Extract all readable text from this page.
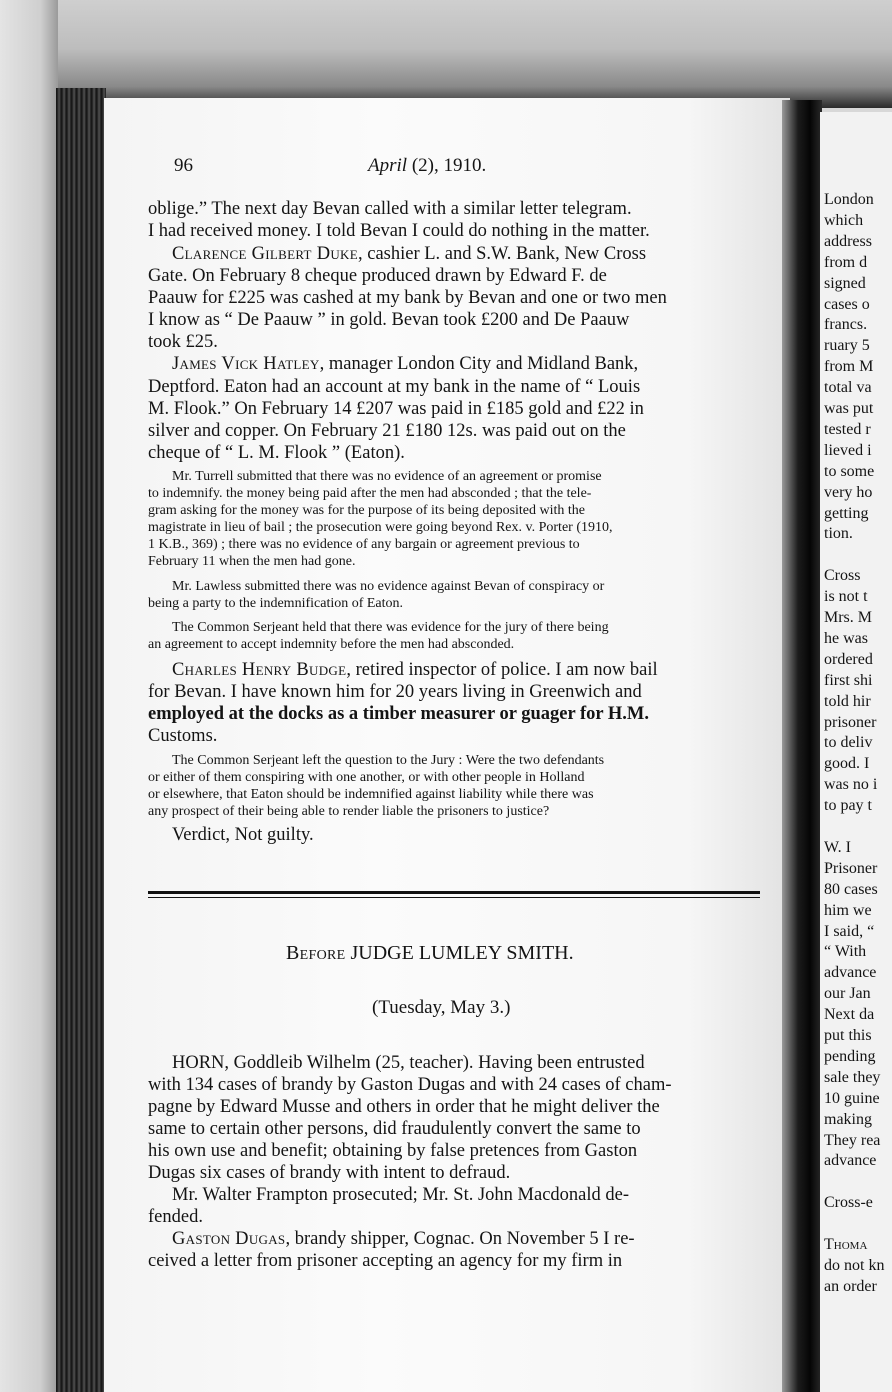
London
which
address
from d
signed
cases o
francs.
ruary 5
from M
total va
was put
tested r
lieved i
to some
very ho
getting
tion.
Cross
is not t
Mrs. M
he was
ordered
first shi
told hir
prisoner
to deliv
good. I
was no i
to pay t
W. I
Prisoner
80 cases
him we
I said, “
“ With
advance
our Jan
Next da
put this
pending
sale they
10 guine
making
They rea
advance
Cross-e
Thoma
do not kn
an order
96	April (2), 1910.
oblige.” The next day Bevan called with a similar letter telegram.
I had received money. I told Bevan I could do nothing in the matter.
Clarence Gilbert Duke, cashier L. and S.W. Bank, New Cross
Gate. On February 8 cheque produced drawn by Edward F. de
Paauw for £225 was cashed at my bank by Bevan and one or two men
I know as “ De Paauw ” in gold. Bevan took £200 and De Paauw
took £25.
James Vick Hatley, manager London City and Midland Bank,
Deptford. Eaton had an account at my bank in the name of “ Louis
M. Flook.” On February 14 £207 was paid in £185 gold and £22 in
silver and copper. On February 21 £180 12s. was paid out on the
cheque of “ L. M. Flook ” (Eaton).
Mr. Turrell submitted that there was no evidence of an agreement or promise
to indemnify. the money being paid after the men had absconded ; that the tele-
gram asking for the money was for the purpose of its being deposited with the
magistrate in lieu of bail ; the prosecution were going beyond Rex. v. Porter (1910,
1 K.B., 369) ; there was no evidence of any bargain or agreement previous to
February 11 when the men had gone.
Mr. Lawless submitted there was no evidence against Bevan of conspiracy or
being a party to the indemnification of Eaton.
The Common Serjeant held that there was evidence for the jury of there being
an agreement to accept indemnity before the men had absconded.
Charles Henry Budge, retired inspector of police. I am now bail
for Bevan. I have known him for 20 years living in Greenwich and
employed at the docks as a timber measurer or guager for H.M.
Customs.
The Common Serjeant left the question to the Jury : Were the two defendants
or either of them conspiring with one another, or with other people in Holland
or elsewhere, that Eaton should be indemnified against liability while there was
any prospect of their being able to render liable the prisoners to justice?
Verdict, Not guilty.
Before JUDGE LUMLEY SMITH.
(Tuesday, May 3.)
HORN, Goddleib Wilhelm (25, teacher). Having been entrusted
with 134 cases of brandy by Gaston Dugas and with 24 cases of cham-
pagne by Edward Musse and others in order that he might deliver the
same to certain other persons, did fraudulently convert the same to
his own use and benefit; obtaining by false pretences from Gaston
Dugas six cases of brandy with intent to defraud.
Mr. Walter Frampton prosecuted; Mr. St. John Macdonald de-
fended.
Gaston Dugas, brandy shipper, Cognac. On November 5 I re-
ceived a letter from prisoner accepting an agency for my firm in
